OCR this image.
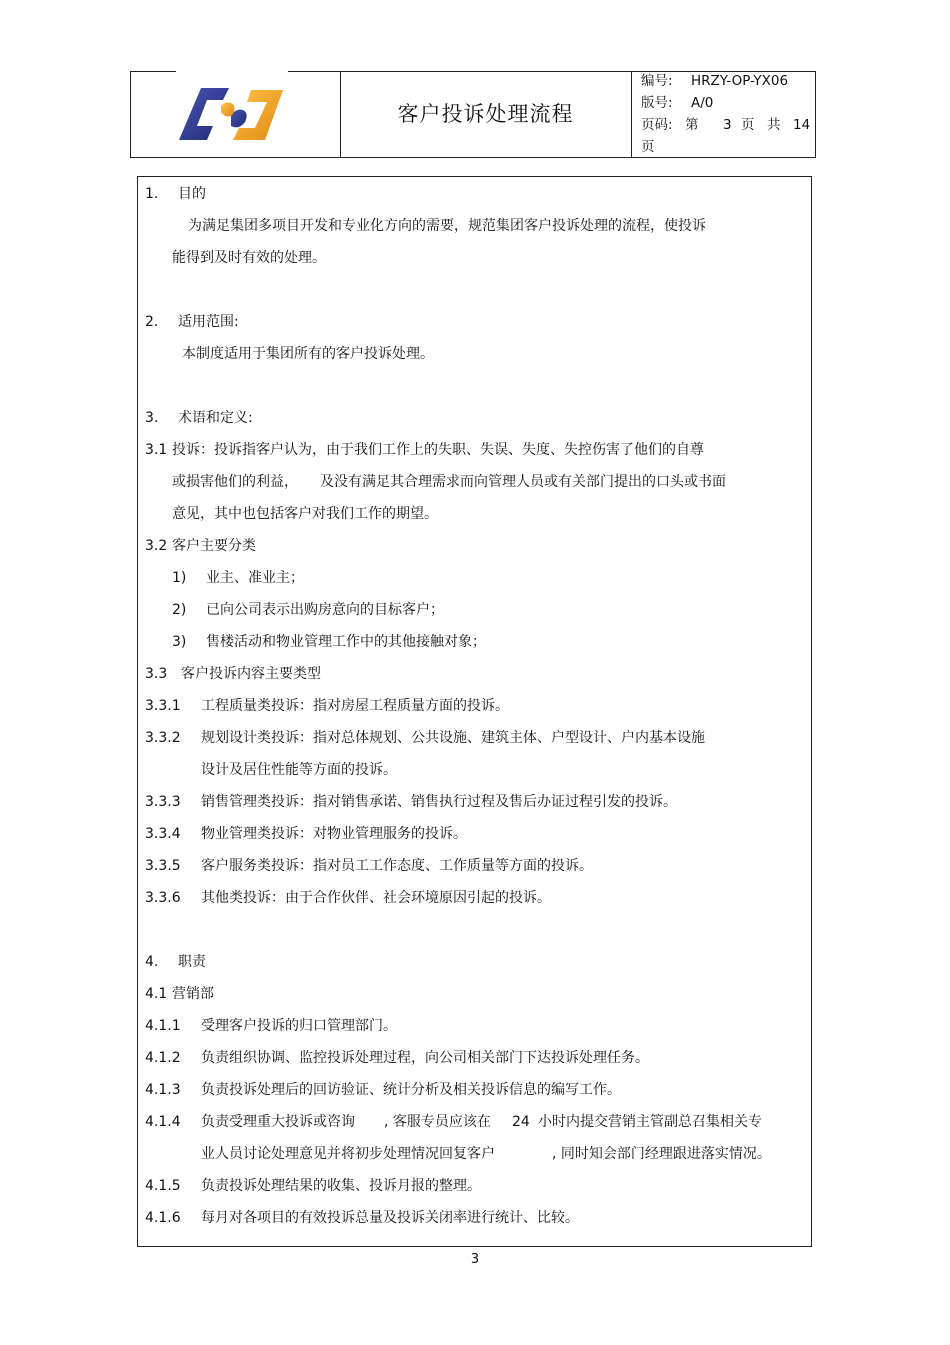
客户投诉处理流程
编号: HRZY-OP-YX06
版号: A/0
页码: 第 3 页 共 14
页
1. 目的
为满足集团多项目开发和专业化方向的需要，规范集团客户投诉处理的流程，使投诉
能得到及时有效的处理。
2. 适用范围:
本制度适用于集团所有的客户投诉处理。
3. 术语和定义:
3.1 投诉：投诉指客户认为，由于我们工作上的失职、失误、失度、失控伤害了他们的自尊
或损害他们的利益， 及没有满足其合理需求而向管理人员或有关部门提出的口头或书面
意见，其中也包括客户对我们工作的期望。
3.2 客户主要分类
1) 业主、准业主；
2) 已向公司表示出购房意向的目标客户；
3) 售楼活动和物业管理工作中的其他接触对象；
3.3 客户投诉内容主要类型
3.3.1 工程质量类投诉：指对房屋工程质量方面的投诉。
3.3.2 规划设计类投诉：指对总体规划、公共设施、建筑主体、户型设计、户内基本设施
设计及居住性能等方面的投诉。
3.3.3 销售管理类投诉：指对销售承诺、销售执行过程及售后办证过程引发的投诉。
3.3.4 物业管理类投诉：对物业管理服务的投诉。
3.3.5 客户服务类投诉：指对员工工作态度、工作质量等方面的投诉。
3.3.6 其他类投诉：由于合作伙伴、社会环境原因引起的投诉。
4. 职责
4.1 营销部
4.1.1 受理客户投诉的归口管理部门。
4.1.2 负责组织协调、监控投诉处理过程，向公司相关部门下达投诉处理任务。
4.1.3 负责投诉处理后的回访验证、统计分析及相关投诉信息的编写工作。
4.1.4 负责受理重大投诉或咨询 , 客服专员应该在 24 小时内提交营销主管副总召集相关专
业人员讨论处理意见并将初步处理情况回复客户	, 同时知会部门经理跟进落实情况。
4.1.5 负责投诉处理结果的收集、投诉月报的整理。
4.1.6 每月对各项目的有效投诉总量及投诉关闭率进行统计、比较。
3
